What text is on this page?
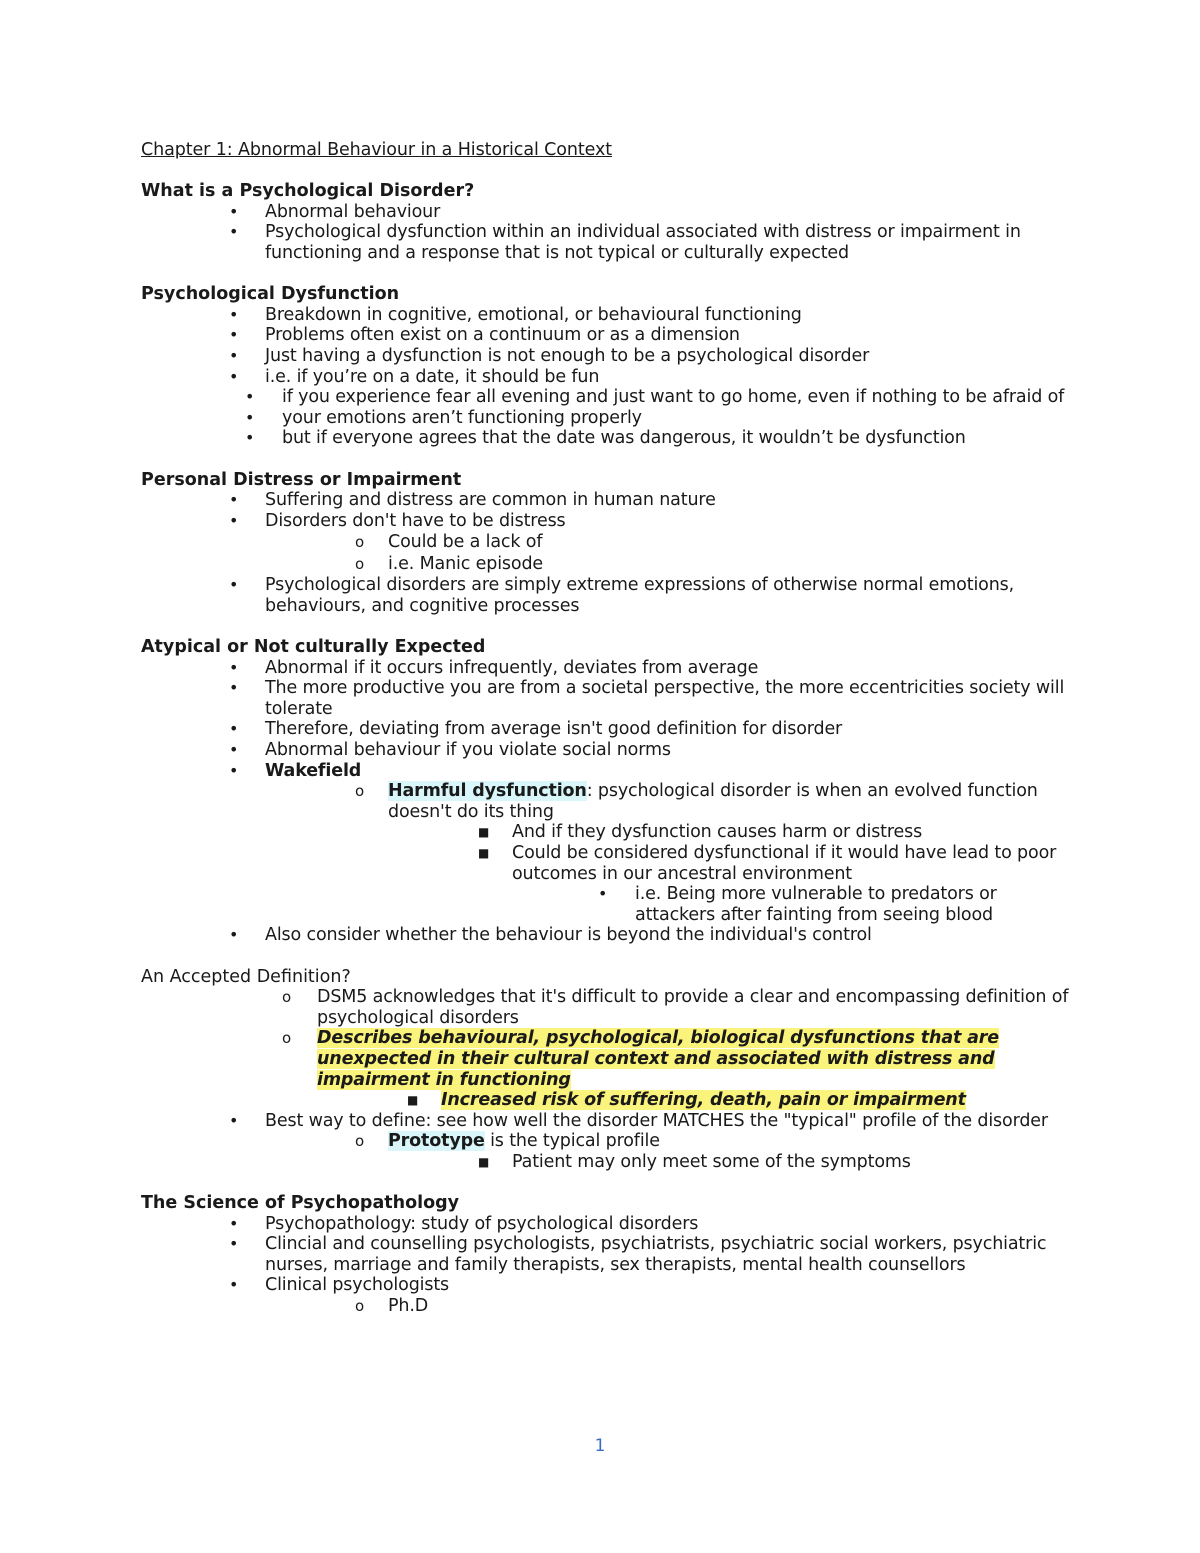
Chapter 1: Abnormal Behaviour in a Historical Context

What is a Psychological Disorder?

•	Abnormal behaviour
•	Psychological dysfunction within an individual associated with distress or impairment in functioning and a response that is not typical or culturally expected

Psychological Dysfunction

•	Breakdown in cognitive, emotional, or behavioural functioning
•	Problems often exist on a continuum or as a dimension
•	Just having a dysfunction is not enough to be a psychological disorder
•	i.e. if you’re on a date, it should be fun
•	if you experience fear all evening and just want to go home, even if nothing to be afraid of
•	your emotions aren’t functioning properly
•	but if everyone agrees that the date was dangerous, it wouldn’t be dysfunction

Personal Distress or Impairment

•	Suffering and distress are common in human nature
•	Disorders don't have to be distress
o	Could be a lack of
o	i.e. Manic episode
•	Psychological disorders are simply extreme expressions of otherwise normal emotions, behaviours, and cognitive processes

Atypical or Not culturally Expected

•	Abnormal if it occurs infrequently, deviates from average
•	The more productive you are from a societal perspective, the more eccentricities society will tolerate
•	Therefore, deviating from average isn't good definition for disorder
•	Abnormal behaviour if you violate social norms
•	Wakefield
o	Harmful dysfunction: psychological disorder is when an evolved function doesn't do its thing
■	And if they dysfunction causes harm or distress
■	Could be considered dysfunctional if it would have lead to poor outcomes in our ancestral environment
•	i.e. Being more vulnerable to predators or attackers after fainting from seeing blood
•	Also consider whether the behaviour is beyond the individual's control

An Accepted Definition?

o	DSM5 acknowledges that it's difficult to provide a clear and encompassing definition of psychological disorders
o	Describes behavioural, psychological, biological dysfunctions that are unexpected in their cultural context and associated with distress and impairment in functioning
■	Increased risk of suffering, death, pain or impairment
•	Best way to define: see how well the disorder MATCHES the "typical" profile of the disorder
o	Prototype is the typical profile
■	Patient may only meet some of the symptoms

The Science of Psychopathology

•	Psychopathology: study of psychological disorders
•	Clincial and counselling psychologists, psychiatrists, psychiatric social workers, psychiatric nurses, marriage and family therapists, sex therapists, mental health counsellors
•	Clinical psychologists
o	Ph.D
1
